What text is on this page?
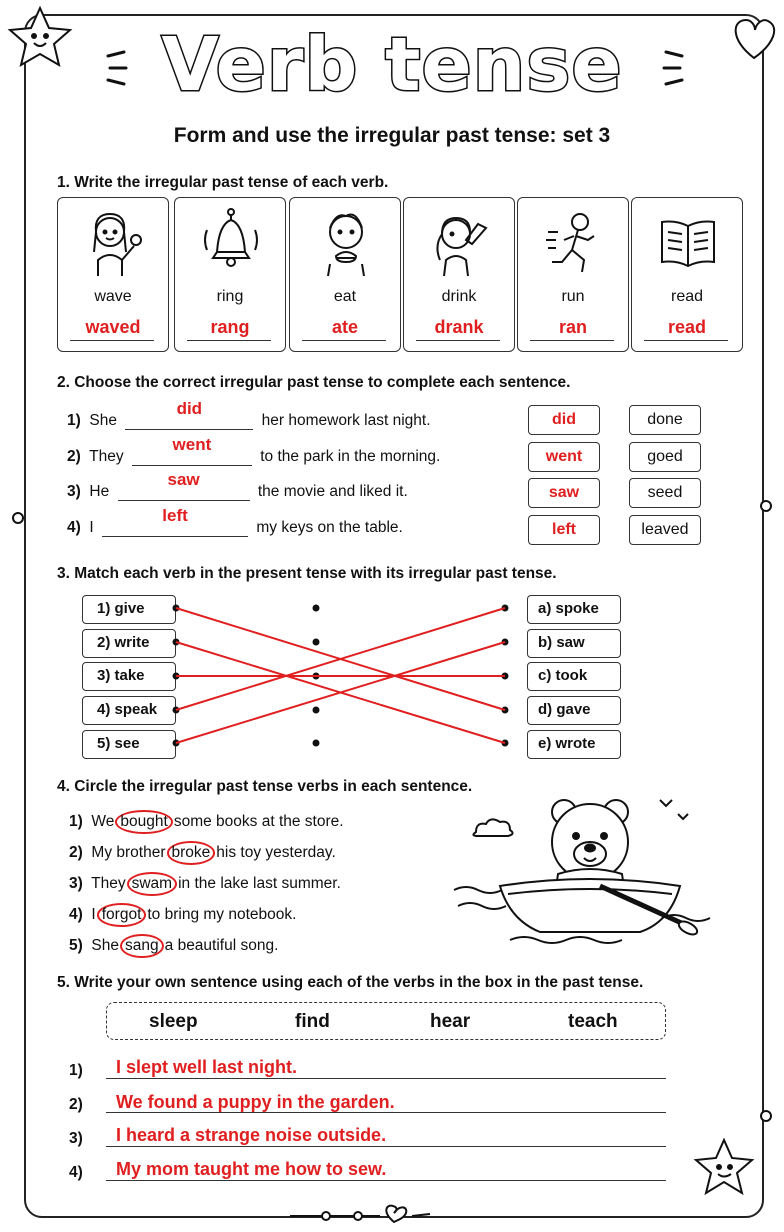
Verb tense
Form and use the irregular past tense: set 3
1. Write the irregular past tense of each verb.
wave
waved
ring
rang
eat
ate
drink
drank
run
ran
read
read
2. Choose the correct irregular past tense to complete each sentence.
1) She
did
her homework last night.
2) They
went
to the park in the morning.
3) He
saw
the movie and liked it.
4) I
left
my keys on the table.
did
went
saw
left
done
goed
seed
leaved
3. Match each verb in the present tense with its irregular past tense.
1) give
2) write
3) take
4) speak
5) see
a) spoke
b) saw
c) took
d) gave
e) wrote
4. Circle the irregular past tense verbs in each sentence.
1) We bought some books at the store.
2) My brother broke his toy yesterday.
3) They swam in the lake last summer.
4) I forgot to bring my notebook.
5) She sang a beautiful song.
5. Write your own sentence using each of the verbs in the box in the past tense.
sleep	find	hear	teach
1) I slept well last night.
2) We found a puppy in the garden.
3) I heard a strange noise outside.
4) My mom taught me how to sew.
